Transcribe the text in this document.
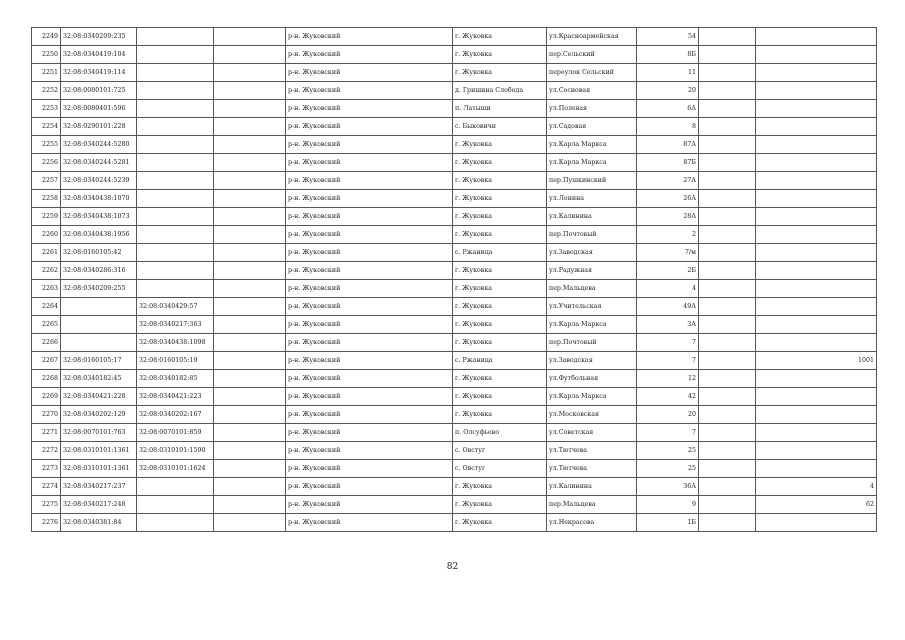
2249	32:08:0340209:235			р-н. Жуковский	г. Жуковка	ул.Красноармейская	54		
2250	32:08:0340419:104			р-н. Жуковский	г. Жуковка	пер.Сельский	8Б		
2251	32:08:0340419:114			р-н. Жуковский	г. Жуковка	переулок Сельский	11		
2252	32:08:0080101:725			р-н. Жуковский	д. Гришина Слобода	ул.Сосновая	20		
2253	32:08:0080401:596			р-н. Жуковский	п. Латыши	ул.Полевая	6А		
2254	32:08:0290101:228			р-н. Жуковский	с. Быковичи	ул.Садовая	8		
2255	32:08:0340244:5280			р-н. Жуковский	г. Жуковка	ул.Карла Маркса	87А		
2256	32:08:0340244:5281			р-н. Жуковский	г. Жуковка	ул.Карла Маркса	87Б		
2257	32:08:0340244:5239			р-н. Жуковский	г. Жуковка	пер.Пушкинский	27А		
2258	32:08:0340438:1070			р-н. Жуковский	г. Жуковка	ул.Ленина	26А		
2259	32:08:0340438:1073			р-н. Жуковский	г. Жуковка	ул.Калинина	28А		
2260	32:08:0340438:1956			р-н. Жуковский	г. Жуковка	пер.Почтовый	2		
2261	32:08:0160105:42			р-н. Жуковский	с. Ржаница	ул.Заводская	7/м		
2262	32:08:0340286:316			р-н. Жуковский	г. Жуковка	ул.Радужная	2Б		
2263	32:08:0340209:255			р-н. Жуковский	г. Жуковка	пер.Мальцева	4		
2264		32:08:0340429:57		р-н. Жуковский	г. Жуковка	ул.Учительская	49А		
2265		32:08:0340217:363		р-н. Жуковский	г. Жуковка	ул.Карла Маркса	3А		
2266		32:08:0340438:1098		р-н. Жуковский	г. Жуковка	пер.Почтовый	7		
2267	32:08:0160105:17	32:08:0160105:19		р-н. Жуковский	с. Ржаница	ул.Заводская	7		1001
2268	32:08:0340182:45	32:08:0340182:85		р-н. Жуковский	г. Жуковка	ул.Футбольная	12		
2269	32:08:0340421:228	32:08:0340421:223		р-н. Жуковский	г. Жуковка	ул.Карла Маркса	42		
2270	32:08:0340202:129	32:08:0340202:167		р-н. Жуковский	г. Жуковка	ул.Московская	20		
2271	32:08:0070101:763	32:08:0070101:859		р-н. Жуковский	п. Олсуфьево	ул.Советская	7		
2272	32:08:0310101:1361	32:08:0310101:1590		р-н. Жуковский	с. Овстуг	ул.Тютчева	25		
2273	32:08:0310101:1361	32:08:0310101:1624		р-н. Жуковский	с. Овстуг	ул.Тютчева	25		
2274	32:08:0340217:237			р-н. Жуковский	г. Жуковка	ул.Калинина	36А		4
2275	32:08:0340217:248			р-н. Жуковский	г. Жуковка	пер.Мальцева	9		62
2276	32:08:0340381:84			р-н. Жуковский	г. Жуковка	ул.Некрасова	1Б		
82
